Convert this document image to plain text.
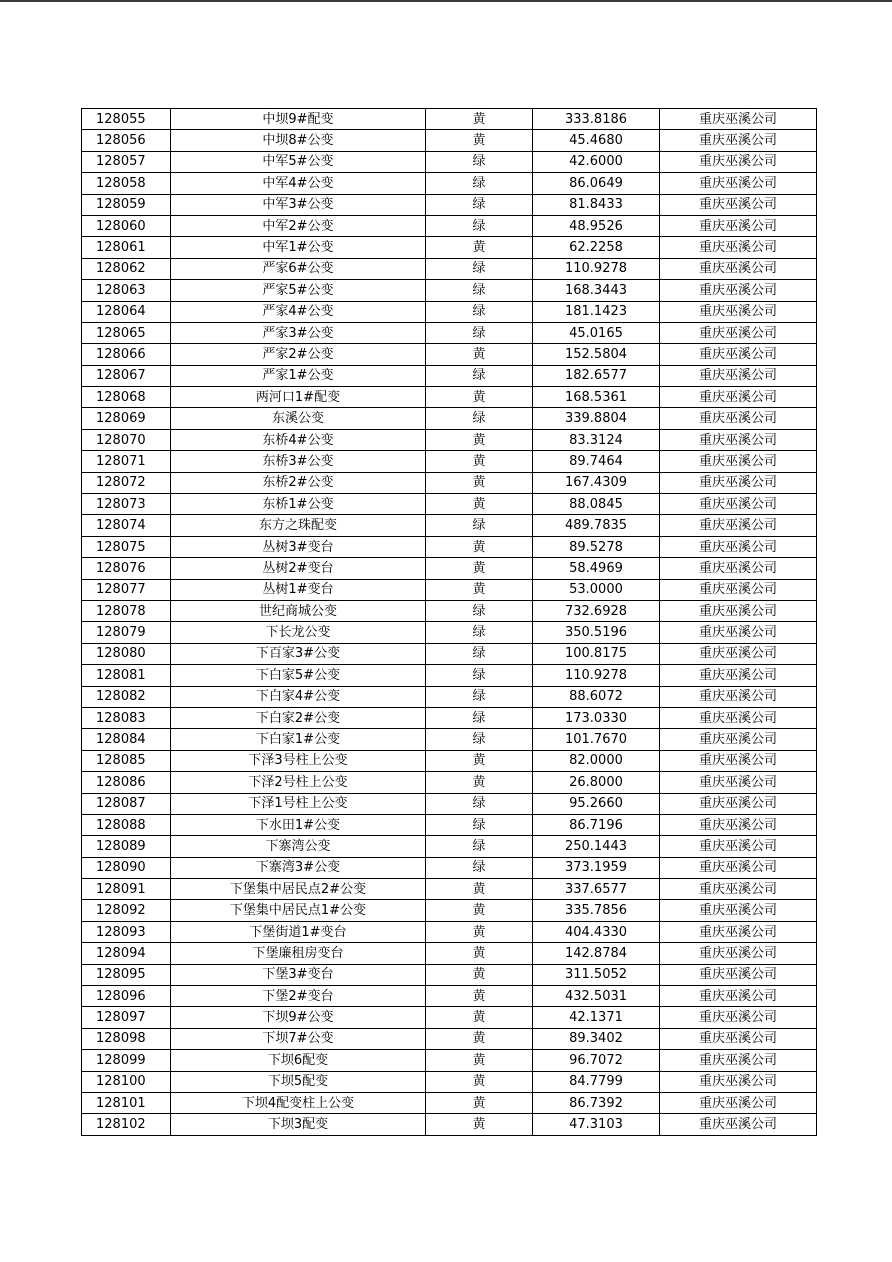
128055	中坝9#配变	黄	333.8186	重庆巫溪公司
128056	中坝8#公变	黄	45.4680	重庆巫溪公司
128057	中军5#公变	绿	42.6000	重庆巫溪公司
128058	中军4#公变	绿	86.0649	重庆巫溪公司
128059	中军3#公变	绿	81.8433	重庆巫溪公司
128060	中军2#公变	绿	48.9526	重庆巫溪公司
128061	中军1#公变	黄	62.2258	重庆巫溪公司
128062	严家6#公变	绿	110.9278	重庆巫溪公司
128063	严家5#公变	绿	168.3443	重庆巫溪公司
128064	严家4#公变	绿	181.1423	重庆巫溪公司
128065	严家3#公变	绿	45.0165	重庆巫溪公司
128066	严家2#公变	黄	152.5804	重庆巫溪公司
128067	严家1#公变	绿	182.6577	重庆巫溪公司
128068	两河口1#配变	黄	168.5361	重庆巫溪公司
128069	东溪公变	绿	339.8804	重庆巫溪公司
128070	东桥4#公变	黄	83.3124	重庆巫溪公司
128071	东桥3#公变	黄	89.7464	重庆巫溪公司
128072	东桥2#公变	黄	167.4309	重庆巫溪公司
128073	东桥1#公变	黄	88.0845	重庆巫溪公司
128074	东方之珠配变	绿	489.7835	重庆巫溪公司
128075	丛树3#变台	黄	89.5278	重庆巫溪公司
128076	丛树2#变台	黄	58.4969	重庆巫溪公司
128077	丛树1#变台	黄	53.0000	重庆巫溪公司
128078	世纪商城公变	绿	732.6928	重庆巫溪公司
128079	下长龙公变	绿	350.5196	重庆巫溪公司
128080	下百家3#公变	绿	100.8175	重庆巫溪公司
128081	下白家5#公变	绿	110.9278	重庆巫溪公司
128082	下白家4#公变	绿	88.6072	重庆巫溪公司
128083	下白家2#公变	绿	173.0330	重庆巫溪公司
128084	下白家1#公变	绿	101.7670	重庆巫溪公司
128085	下泽3号柱上公变	黄	82.0000	重庆巫溪公司
128086	下泽2号柱上公变	黄	26.8000	重庆巫溪公司
128087	下泽1号柱上公变	绿	95.2660	重庆巫溪公司
128088	下水田1#公变	绿	86.7196	重庆巫溪公司
128089	下寨湾公变	绿	250.1443	重庆巫溪公司
128090	下寨湾3#公变	绿	373.1959	重庆巫溪公司
128091	下堡集中居民点2#公变	黄	337.6577	重庆巫溪公司
128092	下堡集中居民点1#公变	黄	335.7856	重庆巫溪公司
128093	下堡街道1#变台	黄	404.4330	重庆巫溪公司
128094	下堡廉租房变台	黄	142.8784	重庆巫溪公司
128095	下堡3#变台	黄	311.5052	重庆巫溪公司
128096	下堡2#变台	黄	432.5031	重庆巫溪公司
128097	下坝9#公变	黄	42.1371	重庆巫溪公司
128098	下坝7#公变	黄	89.3402	重庆巫溪公司
128099	下坝6配变	黄	96.7072	重庆巫溪公司
128100	下坝5配变	黄	84.7799	重庆巫溪公司
128101	下坝4配变柱上公变	黄	86.7392	重庆巫溪公司
128102	下坝3配变	黄	47.3103	重庆巫溪公司
